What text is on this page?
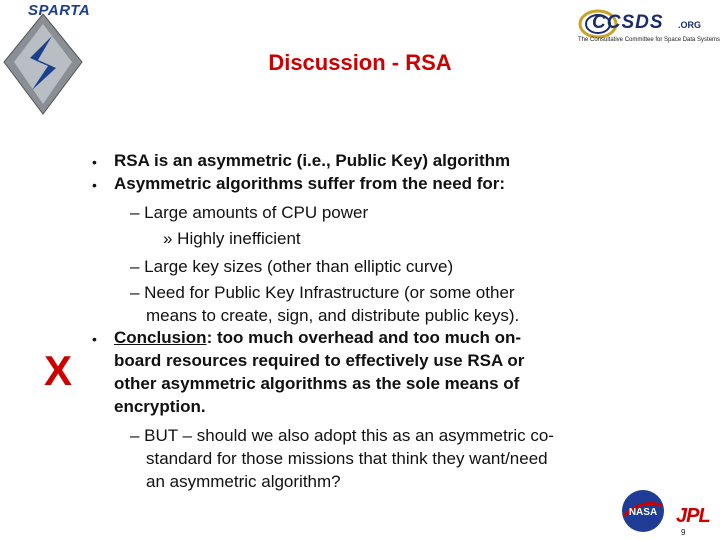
SPARTA
CCSDS .ORG
The Consultative Committee for Space Data Systems
Discussion - RSA
X
• RSA is an asymmetric (i.e., Public Key) algorithm
• Asymmetric algorithms suffer from the need for:
– Large amounts of CPU power
» Highly inefficient
– Large key sizes (other than elliptic curve)
– Need for Public Key Infrastructure (or some other
means to create, sign, and distribute public keys).
• Conclusion: too much overhead and too much on-
board resources required to effectively use RSA or
other asymmetric algorithms as the sole means of
encryption.
– BUT – should we also adopt this as an asymmetric co-
standard for those missions that think they want/need
an asymmetric algorithm?
NASA JPL
9
